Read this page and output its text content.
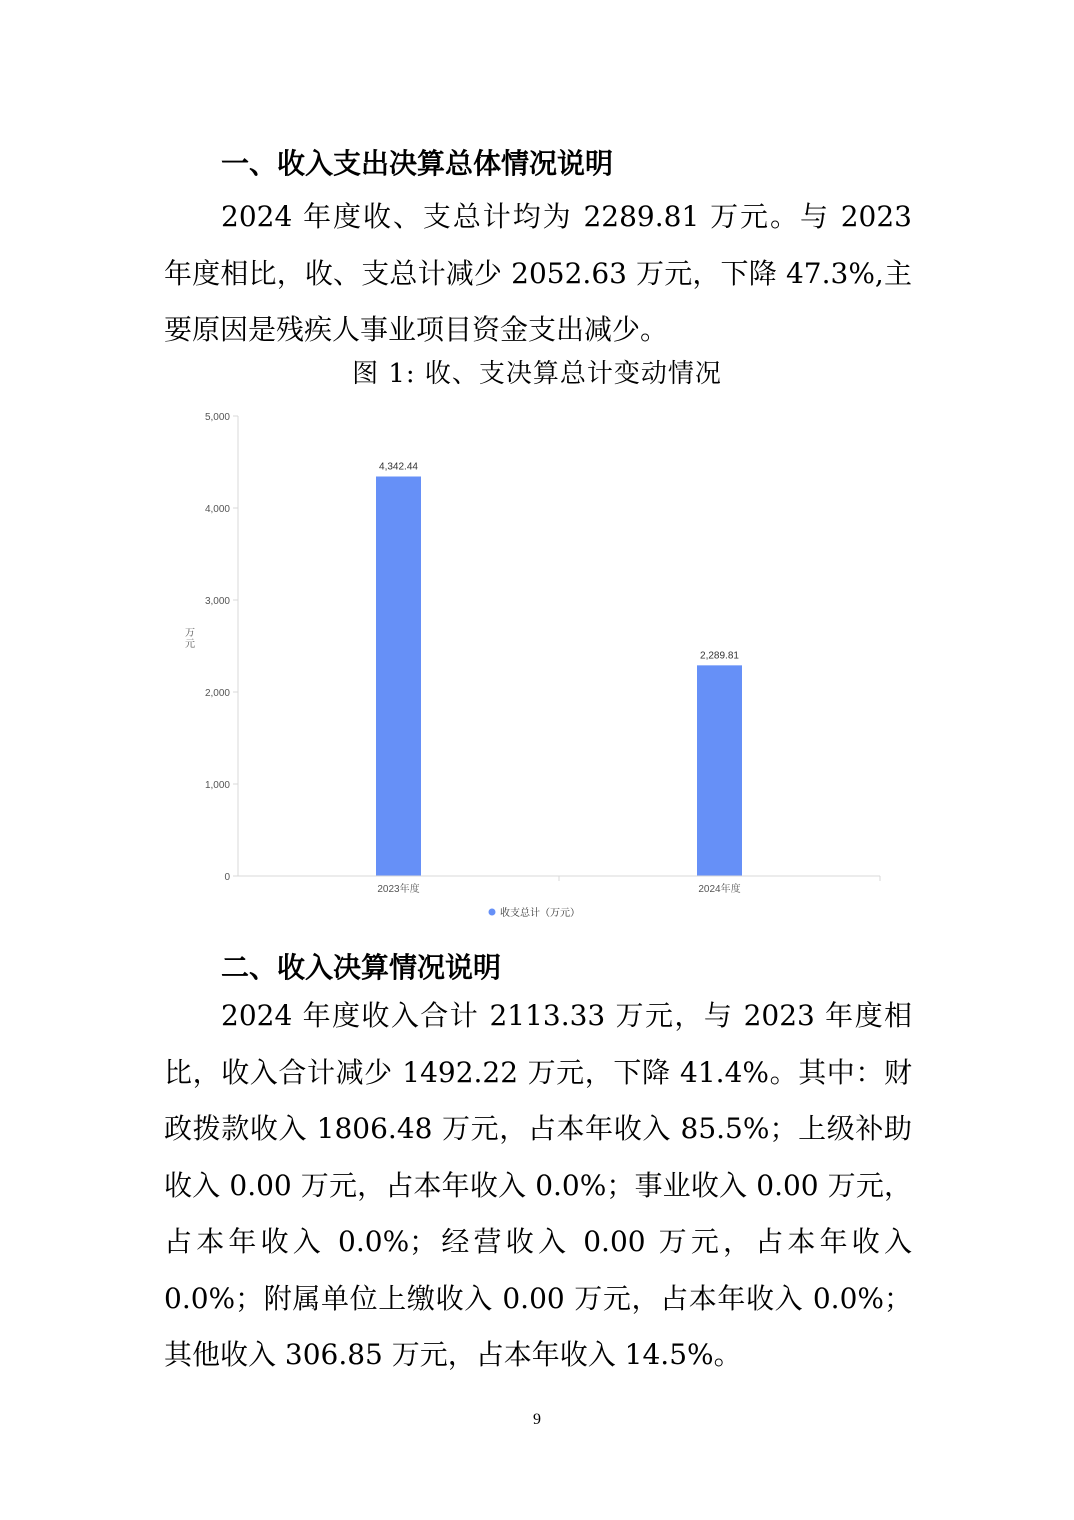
一、收入支出决算总体情况说明

2024 年度收、支总计均为 2289.81 万元。与 2023 年度相比，收、支总计减少 2052.63 万元，下降 47.3%,主要原因是残疾人事业项目资金支出减少。

图 1: 收、支决算总计变动情况
0
1,000
2,000
3,000
4,000
5,000
万
元
4,342.44
2,289.81
2023年度	2024年度
收支总计（万元）
二、收入决算情况说明

2024 年度收入合计 2113.33 万元，与 2023 年度相比，收入合计减少 1492.22 万元，下降 41.4%。其中：财政拨款收入 1806.48 万元，占本年收入 85.5%；上级补助收入 0.00 万元，占本年收入 0.0%；事业收入 0.00 万元，占本年收入 0.0%；经营收入 0.00 万元，占本年收入 0.0%；附属单位上缴收入 0.00 万元，占本年收入 0.0%；其他收入 306.85 万元，占本年收入 14.5%。

9
